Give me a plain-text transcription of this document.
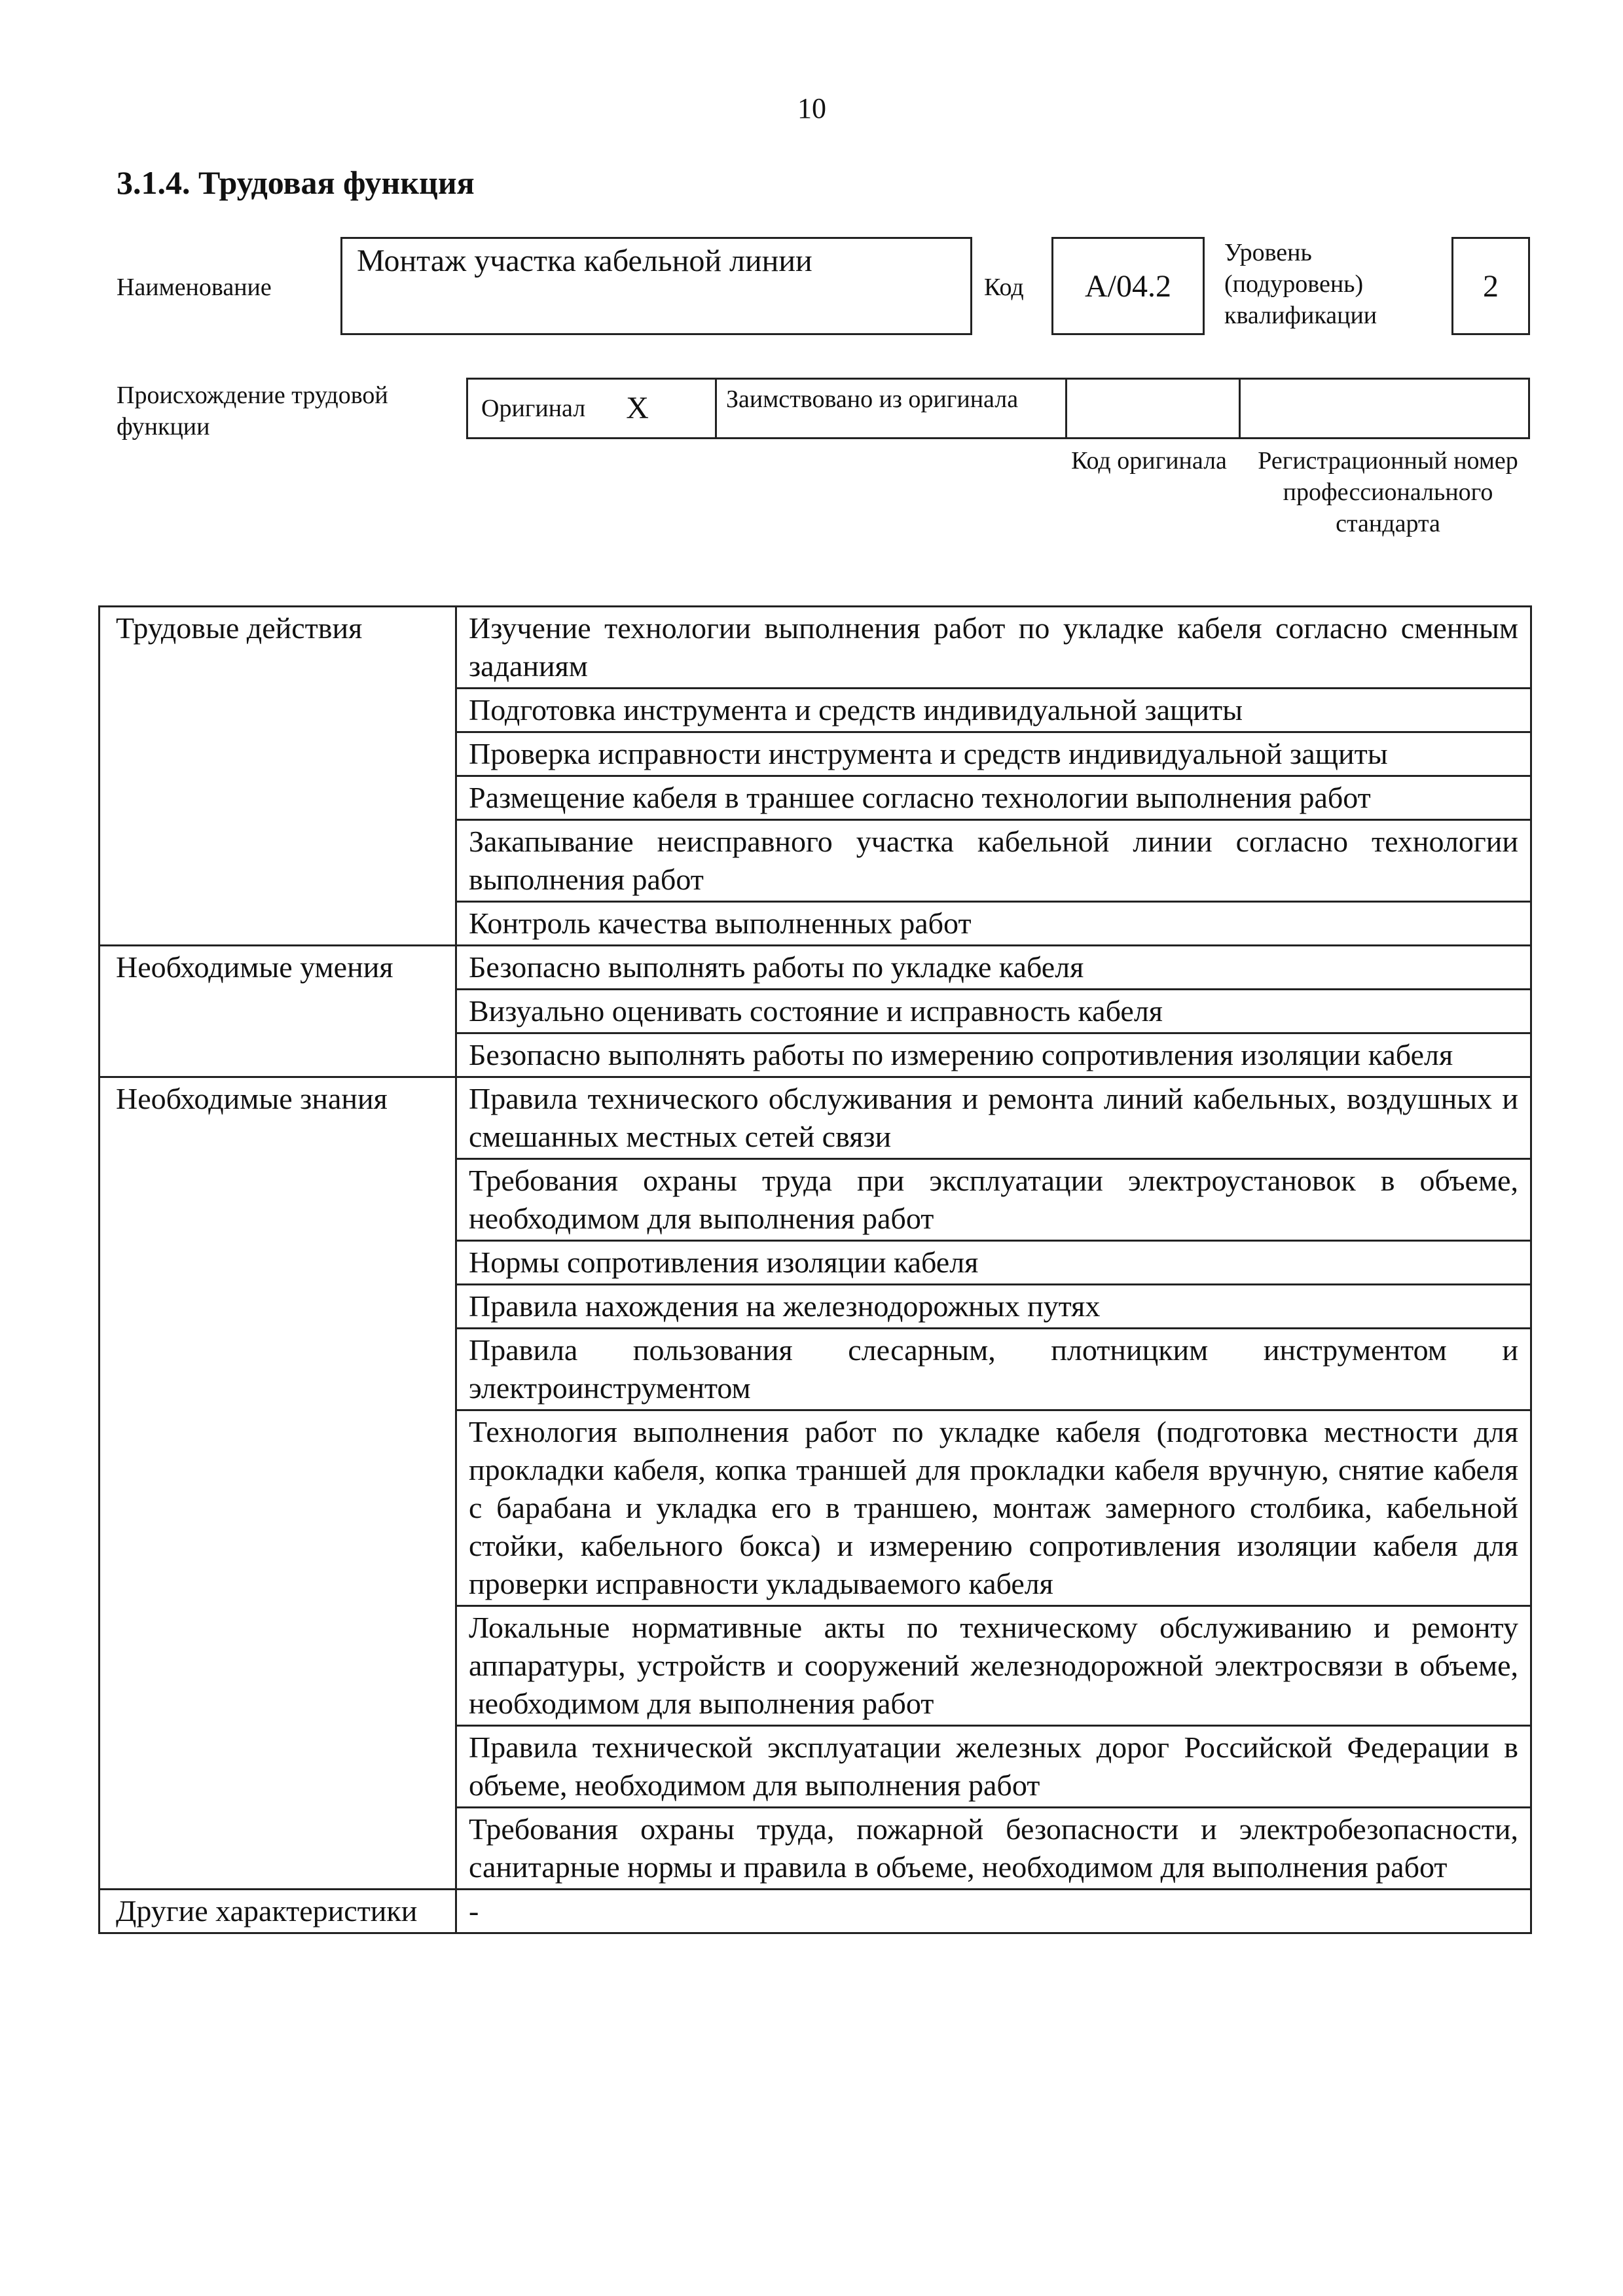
10
3.1.4. Трудовая функция
Наименование
Монтаж участка кабельной линии
Код	A/04.2
Уровень (подуровень) квалификации
2
Происхождение трудовой функции
Оригинал X	Заимствовано из оригинала
Код оригинала	Регистрационный номер профессионального стандарта
Трудовые действия	Изучение технологии выполнения работ по укладке кабеля согласно сменным заданиям
	Подготовка инструмента и средств индивидуальной защиты
	Проверка исправности инструмента и средств индивидуальной защиты
	Размещение кабеля в траншее согласно технологии выполнения работ
	Закапывание неисправного участка кабельной линии согласно технологии выполнения работ
	Контроль качества выполненных работ
Необходимые умения	Безопасно выполнять работы по укладке кабеля
	Визуально оценивать состояние и исправность кабеля
	Безопасно выполнять работы по измерению сопротивления изоляции кабеля
Необходимые знания	Правила технического обслуживания и ремонта линий кабельных, воздушных и смешанных местных сетей связи
	Требования охраны труда при эксплуатации электроустановок в объеме, необходимом для выполнения работ
	Нормы сопротивления изоляции кабеля
	Правила нахождения на железнодорожных путях
	Правила пользования слесарным, плотницким инструментом и электроинструментом
	Технология выполнения работ по укладке кабеля (подготовка местности для прокладки кабеля, копка траншей для прокладки кабеля вручную, снятие кабеля с барабана и укладка его в траншею, монтаж замерного столбика, кабельной стойки, кабельного бокса) и измерению сопротивления изоляции кабеля для проверки исправности укладываемого кабеля
	Локальные нормативные акты по техническому обслуживанию и ремонту аппаратуры, устройств и сооружений железнодорожной электросвязи в объеме, необходимом для выполнения работ
	Правила технической эксплуатации железных дорог Российской Федерации в объеме, необходимом для выполнения работ
	Требования охраны труда, пожарной безопасности и электробезопасности, санитарные нормы и правила в объеме, необходимом для выполнения работ
Другие характеристики	-
